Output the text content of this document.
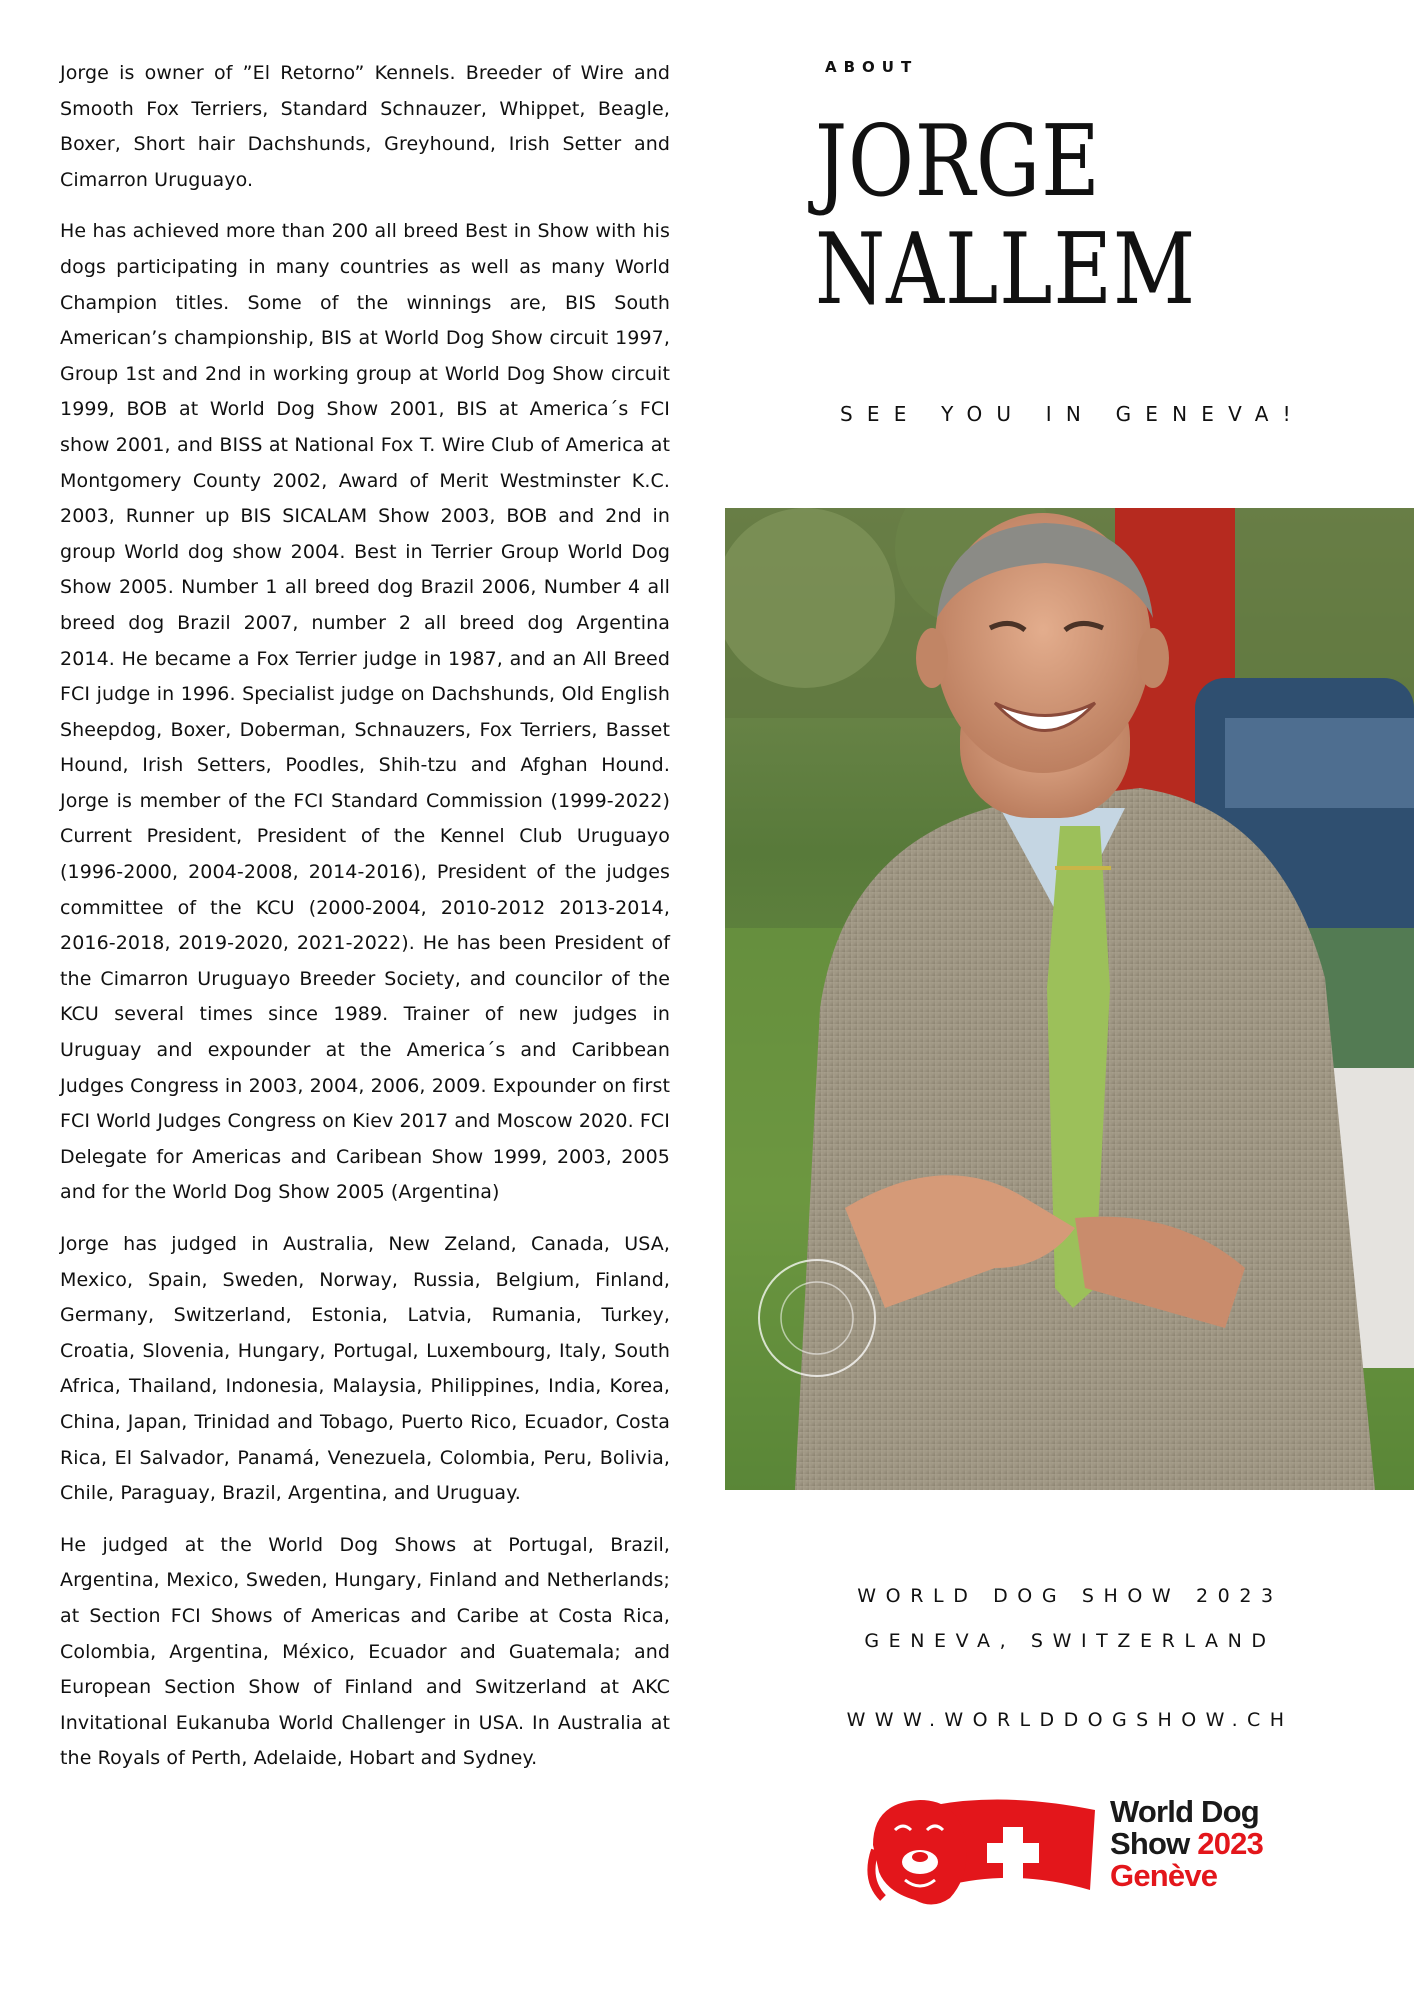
Jorge is owner of ”El Retorno” Kennels. Breeder of Wire and Smooth Fox Terriers, Standard Schnauzer, Whippet, Beagle, Boxer, Short hair Dachshunds, Greyhound, Irish Setter and Cimarron Uruguayo.

He has achieved more than 200 all breed Best in Show with his dogs participating in many countries as well as many World Champion titles. Some of the winnings are, BIS South American’s championship, BIS at World Dog Show circuit 1997, Group 1st and 2nd in working group at World Dog Show circuit 1999, BOB at World Dog Show 2001, BIS at America´s FCI show 2001, and BISS at National Fox T. Wire Club of America at Montgomery County 2002, Award of Merit Westminster K.C. 2003, Runner up BIS SICALAM Show 2003, BOB and 2nd in group World dog show 2004. Best in Terrier Group World Dog Show 2005. Number 1 all breed dog Brazil 2006, Number 4 all breed dog Brazil 2007, number 2 all breed dog Argentina 2014. He became a Fox Terrier judge in 1987, and an All Breed FCI judge in 1996. Specialist judge on Dachshunds, Old English Sheepdog, Boxer, Doberman, Schnauzers, Fox Terriers, Basset Hound, Irish Setters, Poodles, Shih-tzu and Afghan Hound. Jorge is member of the FCI Standard Commission (1999-2022) Current President, President of the Kennel Club Uruguayo (1996-2000, 2004-2008, 2014-2016), President of the judges committee of the KCU (2000-2004, 2010-2012 2013-2014, 2016-2018, 2019-2020, 2021-2022). He has been President of the Cimarron Uruguayo Breeder Society, and councilor of the KCU several times since 1989. Trainer of new judges in Uruguay and expounder at the America´s and Caribbean Judges Congress in 2003, 2004, 2006, 2009. Expounder on first FCI World Judges Congress on Kiev 2017 and Moscow 2020. FCI Delegate for Americas and Caribean Show 1999, 2003, 2005 and for the World Dog Show 2005 (Argentina)

Jorge has judged in Australia, New Zeland, Canada, USA, Mexico, Spain, Sweden, Norway, Russia, Belgium, Finland, Germany, Switzerland, Estonia, Latvia, Rumania, Turkey, Croatia, Slovenia, Hungary, Portugal, Luxembourg, Italy, South Africa, Thailand, Indonesia, Malaysia, Philippines, India, Korea, China, Japan, Trinidad and Tobago, Puerto Rico, Ecuador, Costa Rica, El Salvador, Panamá, Venezuela, Colombia, Peru, Bolivia, Chile, Paraguay, Brazil, Argentina, and Uruguay.

He judged at the World Dog Shows at Portugal, Brazil, Argentina, Mexico, Sweden, Hungary, Finland and Netherlands; at Section FCI Shows of Americas and Caribe at Costa Rica, Colombia, Argentina, México, Ecuador and Guatemala; and European Section Show of Finland and Switzerland at AKC Invitational Eukanuba World Challenger in USA. In Australia at the Royals of Perth, Adelaide, Hobart and Sydney.

ABOUT
JORGE
NALLEM
SEE YOU IN GENEVA!
WORLD DOG SHOW 2023
GENEVA, SWITZERLAND
WWW.WORLDDOGSHOW.CH
World Dog
Show 2023
Genève
